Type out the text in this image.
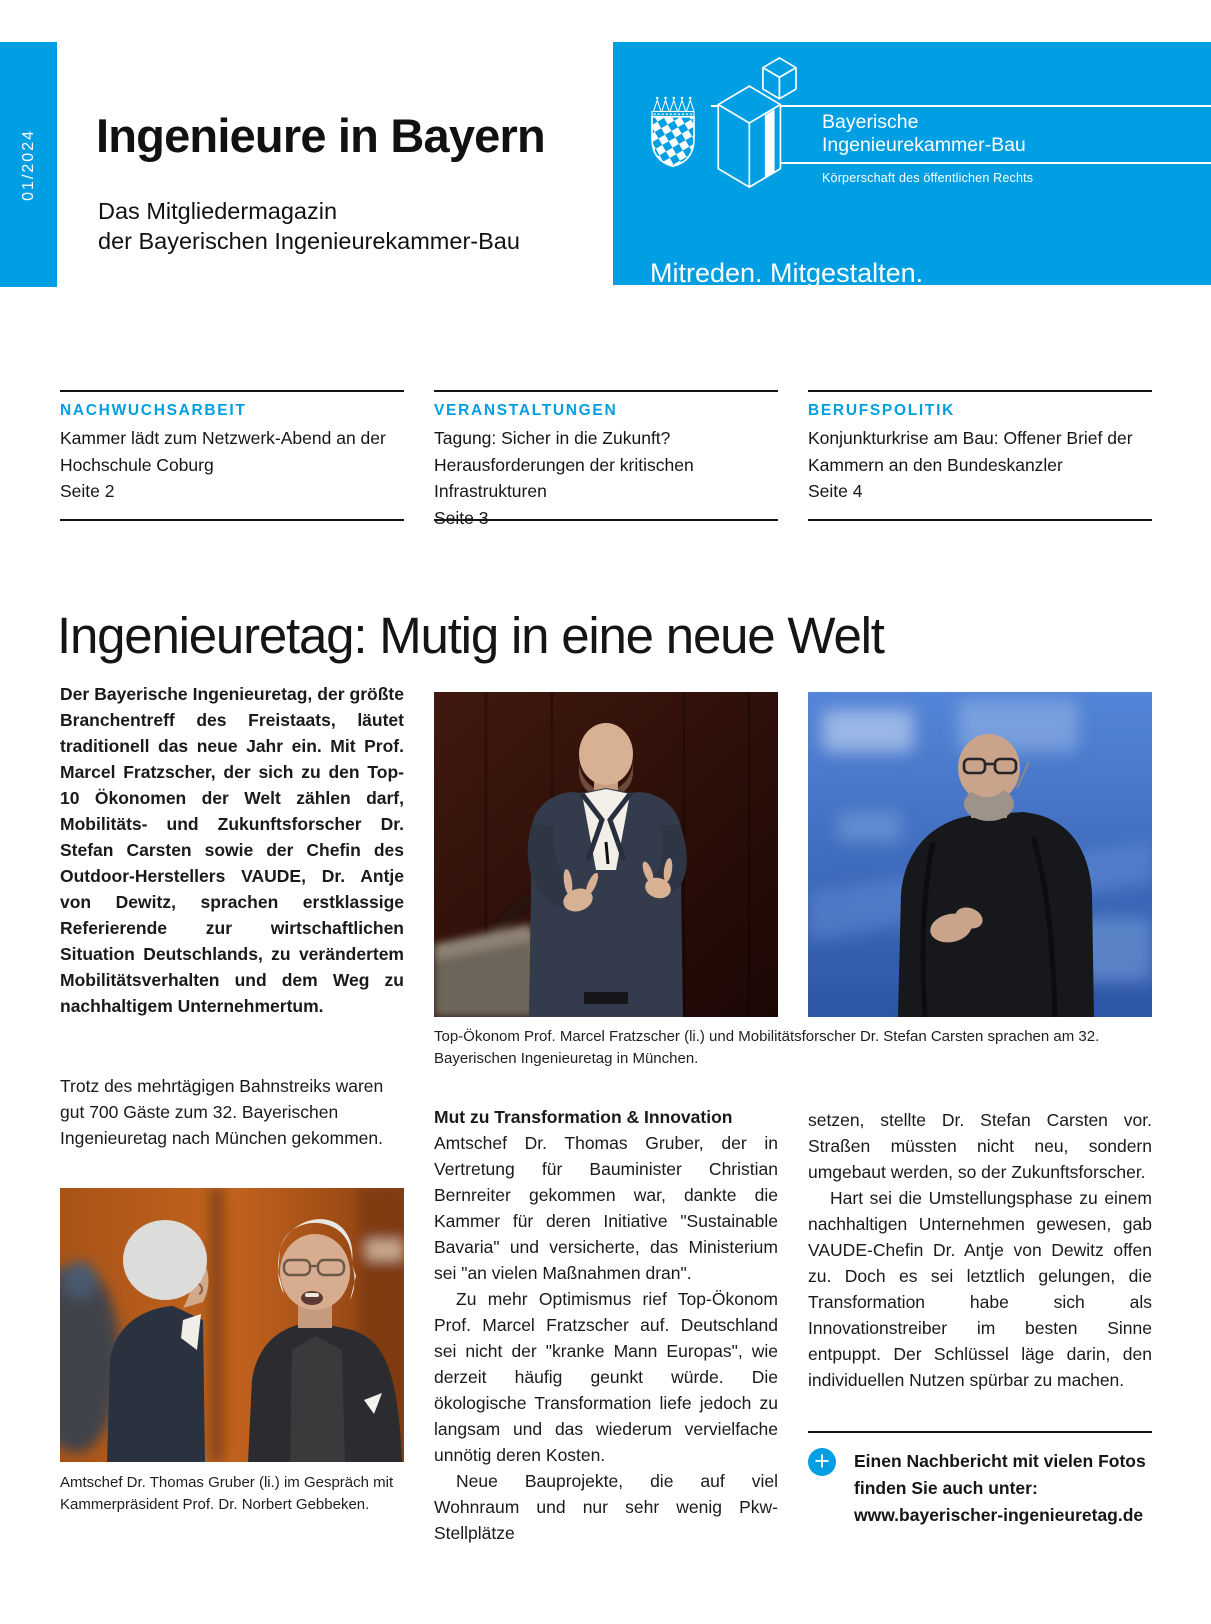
01/2024 Ingenieure in Bayern
Das Mitgliedermagazin
der Bayerischen Ingenieurekammer-Bau
Bayerische
Ingenieurekammer-Bau
Körperschaft des öffentlichen Rechts
Mitreden. Mitgestalten.
NACHWUCHSARBEIT
Kammer lädt zum Netzwerk-Abend an der Hochschule Coburg
Seite 2
VERANSTALTUNGEN
Tagung: Sicher in die Zukunft? Herausforderungen der kritischen Infrastrukturen
Seite 3
BERUFSPOLITIK
Konjunkturkrise am Bau: Offener Brief der Kammern an den Bundeskanzler
Seite 4
Ingenieuretag: Mutig in eine neue Welt
Der Bayerische Ingenieuretag, der größte Branchentreff des Freistaats, läutet traditionell das neue Jahr ein. Mit Prof. Marcel Fratzscher, der sich zu den Top-10 Ökonomen der Welt zählen darf, Mobilitäts- und Zukunftsforscher Dr. Stefan Carsten sowie der Chefin des Outdoor-Herstellers VAUDE, Dr. Antje von Dewitz, sprachen erstklassige Referierende zur wirtschaftlichen Situation Deutschlands, zu verändertem Mobilitätsverhalten und dem Weg zu nachhaltigem Unternehmertum.
Trotz des mehrtägigen Bahnstreiks waren gut 700 Gäste zum 32. Bayerischen Ingenieuretag nach München gekommen.
Top-Ökonom Prof. Marcel Fratzscher (li.) und Mobilitätsforscher Dr. Stefan Carsten sprachen am 32. Bayerischen Ingenieuretag in München.

Mut zu Transformation & Innovation

Amtschef Dr. Thomas Gruber, der in Vertretung für Bauminister Christian Bernreiter gekommen war, dankte die Kammer für deren Initiative "Sustainable Bavaria" und versicherte, das Ministerium sei "an vielen Maßnahmen dran".

Zu mehr Optimismus rief Top-Ökonom Prof. Marcel Fratzscher auf. Deutschland sei nicht der "kranke Mann Europas", wie derzeit häufig geunkt würde. Die ökologische Transformation liefe jedoch zu langsam und das wiederum vervielfache unnötig deren Kosten.

Neue Bauprojekte, die auf viel Wohnraum und nur sehr wenig Pkw-Stellplätze

setzen, stellte Dr. Stefan Carsten vor. Straßen müssten nicht neu, sondern umgebaut werden, so der Zukunftsforscher.

Hart sei die Umstellungsphase zu einem nachhaltigen Unternehmen gewesen, gab VAUDE-Chefin Dr. Antje von Dewitz offen zu. Doch es sei letztlich gelungen, die Transformation habe sich als Innovationstreiber im besten Sinne entpuppt. Der Schlüssel läge darin, den individuellen Nutzen spürbar zu machen.

Amtschef Dr. Thomas Gruber (li.) im Gespräch mit Kammerpräsident Prof. Dr. Norbert Gebbeken.
+	Einen Nachbericht mit vielen Fotos
finden Sie auch unter:
www.bayerischer-ingenieuretag.de
